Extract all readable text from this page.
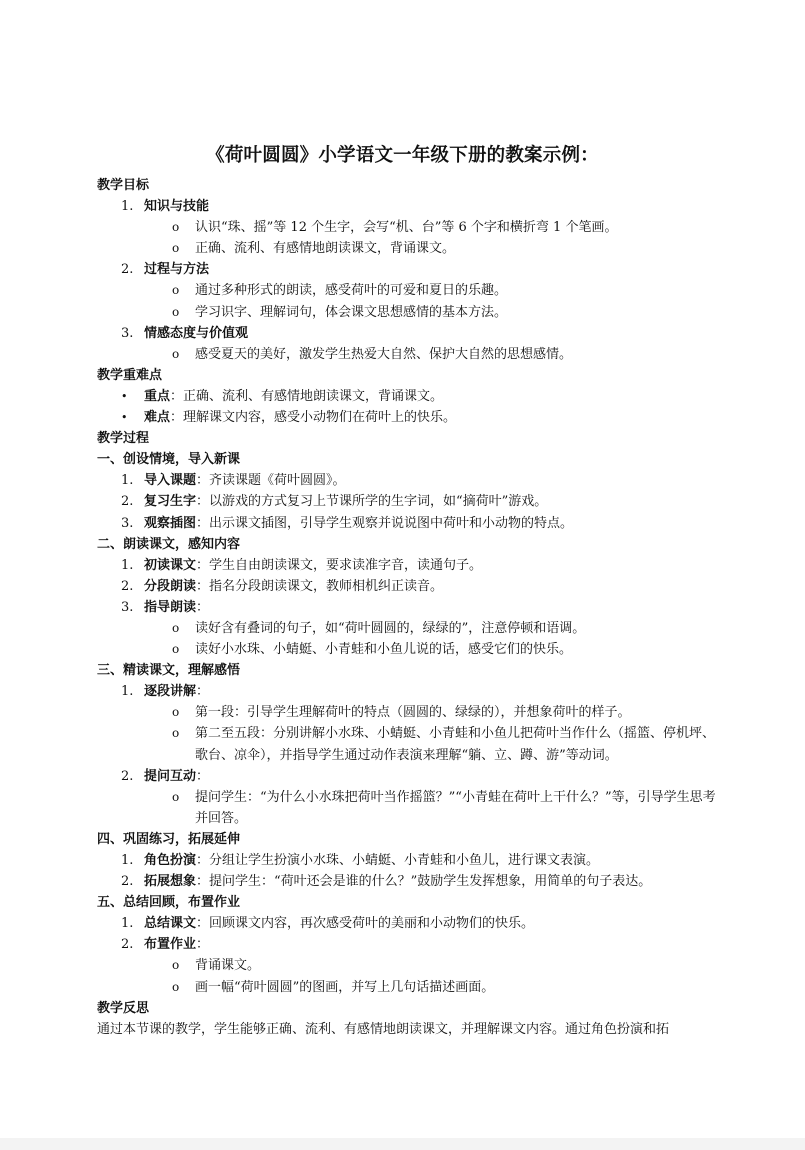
《荷叶圆圆》小学语文一年级下册的教案示例：
教学目标
1. 知识与技能
o 认识“珠、摇”等 12 个生字，会写“机、台”等 6 个字和横折弯 1 个笔画。
o 正确、流利、有感情地朗读课文，背诵课文。
2. 过程与方法
o 通过多种形式的朗读，感受荷叶的可爱和夏日的乐趣。
o 学习识字、理解词句，体会课文思想感情的基本方法。
3. 情感态度与价值观
o 感受夏天的美好，激发学生热爱大自然、保护大自然的思想感情。
教学重难点
• 重点：正确、流利、有感情地朗读课文，背诵课文。
• 难点：理解课文内容，感受小动物们在荷叶上的快乐。
教学过程
一、创设情境，导入新课
1. 导入课题：齐读课题《荷叶圆圆》。
2. 复习生字：以游戏的方式复习上节课所学的生字词，如“摘荷叶”游戏。
3. 观察插图：出示课文插图，引导学生观察并说说图中荷叶和小动物的特点。
二、朗读课文，感知内容
1. 初读课文：学生自由朗读课文，要求读准字音，读通句子。
2. 分段朗读：指名分段朗读课文，教师相机纠正读音。
3. 指导朗读：
o 读好含有叠词的句子，如“荷叶圆圆的，绿绿的”，注意停顿和语调。
o 读好小水珠、小蜻蜓、小青蛙和小鱼儿说的话，感受它们的快乐。
三、精读课文，理解感悟
1. 逐段讲解：
o 第一段：引导学生理解荷叶的特点（圆圆的、绿绿的），并想象荷叶的样子。
o 第二至五段：分别讲解小水珠、小蜻蜓、小青蛙和小鱼儿把荷叶当作什么（摇篮、停机坪、歌台、凉伞），并指导学生通过动作表演来理解“躺、立、蹲、游”等动词。
2. 提问互动：
o 提问学生：“为什么小水珠把荷叶当作摇篮？”“小青蛙在荷叶上干什么？”等，引导学生思考并回答。
四、巩固练习，拓展延伸
1. 角色扮演：分组让学生扮演小水珠、小蜻蜓、小青蛙和小鱼儿，进行课文表演。
2. 拓展想象：提问学生：“荷叶还会是谁的什么？”鼓励学生发挥想象，用简单的句子表达。
五、总结回顾，布置作业
1. 总结课文：回顾课文内容，再次感受荷叶的美丽和小动物们的快乐。
2. 布置作业：
o 背诵课文。
o 画一幅“荷叶圆圆”的图画，并写上几句话描述画面。
教学反思
通过本节课的教学，学生能够正确、流利、有感情地朗读课文，并理解课文内容。通过角色扮演和拓
